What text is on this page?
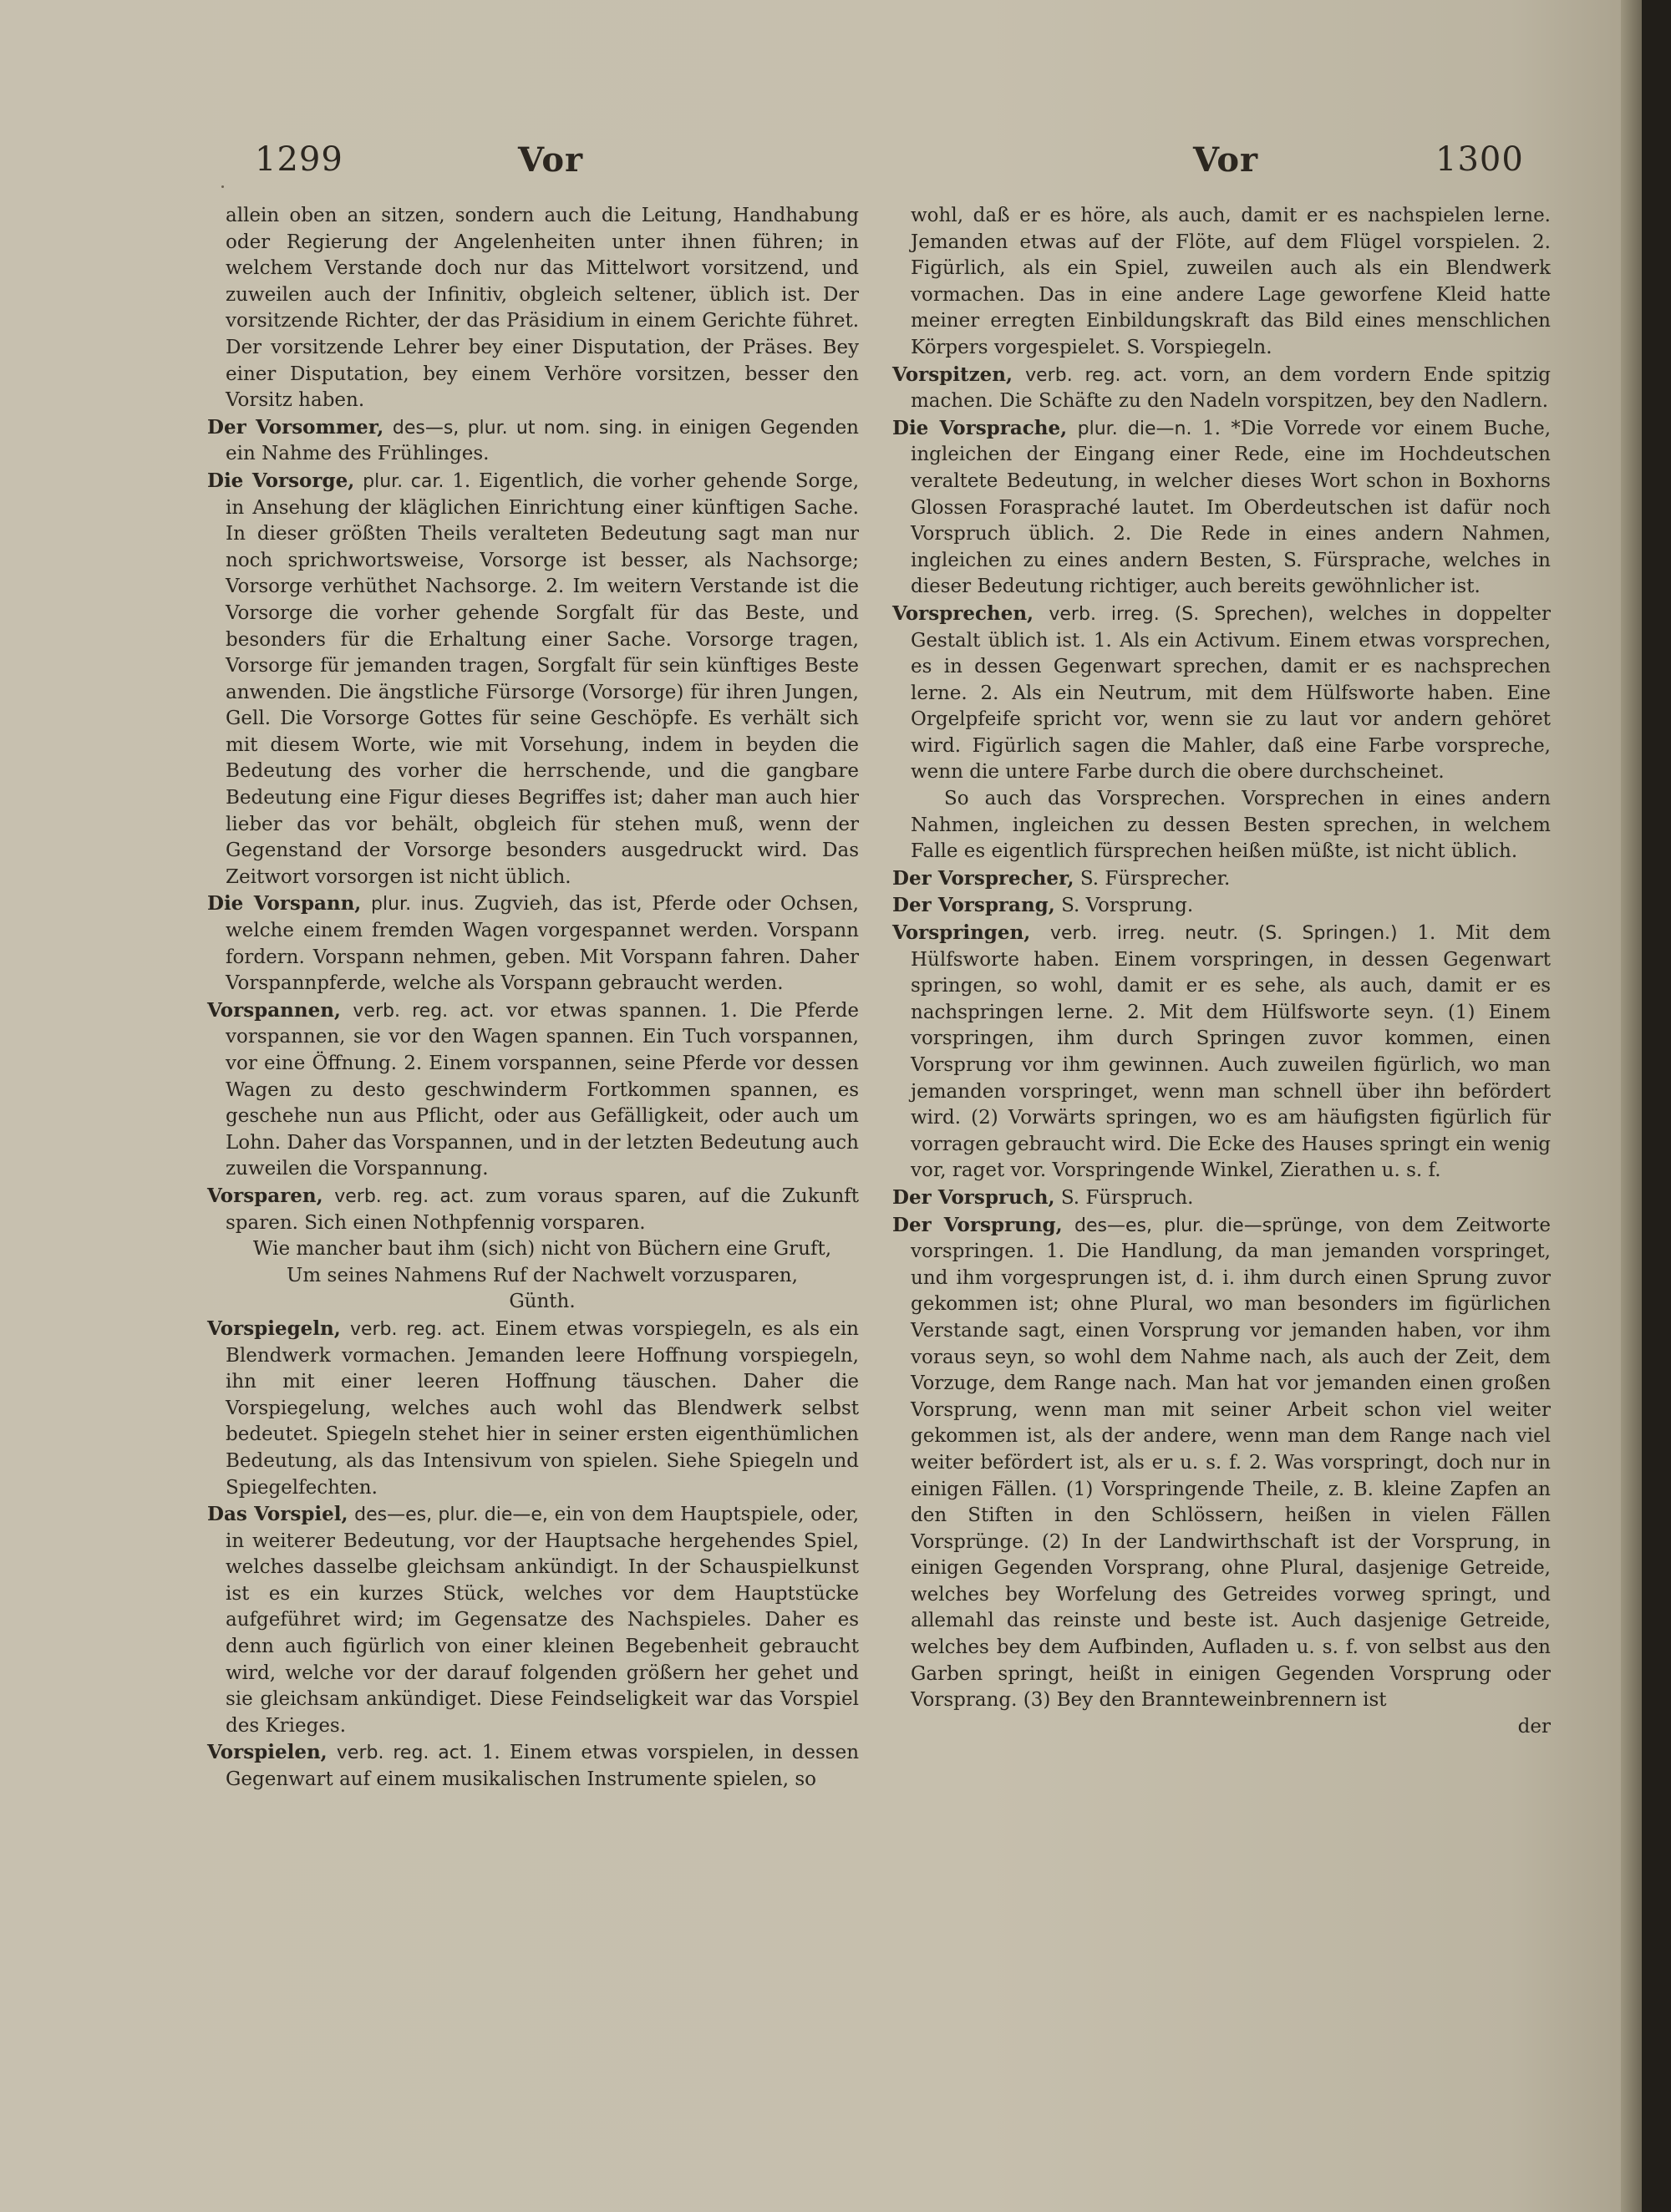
1299	Vor	Vor	1300

allein oben an sitzen, sondern auch die Leitung, Handhabung oder Regierung der Angelenheiten unter ihnen führen; in welchem Verstande doch nur das Mittelwort vorsitzend, und zuweilen auch der Infinitiv, obgleich seltener, üblich ist. Der vorsitzende Richter, der das Präsidium in einem Gerichte führet. Der vorsitzende Lehrer bey einer Disputation, der Präses. Bey einer Disputation, bey einem Verhöre vorsitzen, besser den Vorsitz haben.

Der Vorsommer, des—s, plur. ut nom. sing. in einigen Gegenden ein Nahme des Frühlinges.

Die Vorsorge, plur. car. 1. Eigentlich, die vorher gehende Sorge, in Ansehung der kläglichen Einrichtung einer künftigen Sache. In dieser größten Theils veralteten Bedeutung sagt man nur noch sprichwortsweise, Vorsorge ist besser, als Nachsorge; Vorsorge verhüthet Nachsorge. 2. Im weitern Verstande ist die Vorsorge die vorher gehende Sorgfalt für das Beste, und besonders für die Erhaltung einer Sache. Vorsorge tragen, Vorsorge für jemanden tragen, Sorgfalt für sein künftiges Beste anwenden. Die ängstliche Fürsorge (Vorsorge) für ihren Jungen, Gell. Die Vorsorge Gottes für seine Geschöpfe. Es verhält sich mit diesem Worte, wie mit Vorsehung, indem in beyden die Bedeutung des vorher die herrschende, und die gangbare Bedeutung eine Figur dieses Begriffes ist; daher man auch hier lieber das vor behält, obgleich für stehen muß, wenn der Gegenstand der Vorsorge besonders ausgedruckt wird. Das Zeitwort vorsorgen ist nicht üblich.

Die Vorspann, plur. inus. Zugvieh, das ist, Pferde oder Ochsen, welche einem fremden Wagen vorgespannet werden. Vorspann fordern. Vorspann nehmen, geben. Mit Vorspann fahren. Daher Vorspannpferde, welche als Vorspann gebraucht werden.

Vorspannen, verb. reg. act. vor etwas spannen. 1. Die Pferde vorspannen, sie vor den Wagen spannen. Ein Tuch vorspannen, vor eine Öffnung. 2. Einem vorspannen, seine Pferde vor dessen Wagen zu desto geschwinderm Fortkommen spannen, es geschehe nun aus Pflicht, oder aus Gefälligkeit, oder auch um Lohn. Daher das Vorspannen, und in der letzten Bedeutung auch zuweilen die Vorspannung.

Vorsparen, verb. reg. act. zum voraus sparen, auf die Zukunft sparen. Sich einen Nothpfennig vorsparen.

Wie mancher baut ihm (sich) nicht von Büchern eine Gruft,

Um seines Nahmens Ruf der Nachwelt vorzusparen,

Günth.

Vorspiegeln, verb. reg. act. Einem etwas vorspiegeln, es als ein Blendwerk vormachen. Jemanden leere Hoffnung vorspiegeln, ihn mit einer leeren Hoffnung täuschen. Daher die Vorspiegelung, welches auch wohl das Blendwerk selbst bedeutet. Spiegeln stehet hier in seiner ersten eigenthümlichen Bedeutung, als das Intensivum von spielen. Siehe Spiegeln und Spiegelfechten.

Das Vorspiel, des—es, plur. die—e, ein von dem Hauptspiele, oder, in weiterer Bedeutung, vor der Hauptsache hergehendes Spiel, welches dasselbe gleichsam ankündigt. In der Schauspielkunst ist es ein kurzes Stück, welches vor dem Hauptstücke aufgeführet wird; im Gegensatze des Nachspieles. Daher es denn auch figürlich von einer kleinen Begebenheit gebraucht wird, welche vor der darauf folgenden größern her gehet und sie gleichsam ankündiget. Diese Feindseligkeit war das Vorspiel des Krieges.

Vorspielen, verb. reg. act. 1. Einem etwas vorspielen, in dessen Gegenwart auf einem musikalischen Instrumente spielen, so

wohl, daß er es höre, als auch, damit er es nachspielen lerne. Jemanden etwas auf der Flöte, auf dem Flügel vorspielen. 2. Figürlich, als ein Spiel, zuweilen auch als ein Blendwerk vormachen. Das in eine andere Lage geworfene Kleid hatte meiner erregten Einbildungskraft das Bild eines menschlichen Körpers vorgespielet. S. Vorspiegeln.

Vorspitzen, verb. reg. act. vorn, an dem vordern Ende spitzig machen. Die Schäfte zu den Nadeln vorspitzen, bey den Nadlern.

Die Vorsprache, plur. die—n. 1. *Die Vorrede vor einem Buche, ingleichen der Eingang einer Rede, eine im Hochdeutschen veraltete Bedeutung, in welcher dieses Wort schon in Boxhorns Glossen Foraspraché lautet. Im Oberdeutschen ist dafür noch Vorspruch üblich. 2. Die Rede in eines andern Nahmen, ingleichen zu eines andern Besten, S. Fürsprache, welches in dieser Bedeutung richtiger, auch bereits gewöhnlicher ist.

Vorsprechen, verb. irreg. (S. Sprechen), welches in doppelter Gestalt üblich ist. 1. Als ein Activum. Einem etwas vorsprechen, es in dessen Gegenwart sprechen, damit er es nachsprechen lerne. 2. Als ein Neutrum, mit dem Hülfsworte haben. Eine Orgelpfeife spricht vor, wenn sie zu laut vor andern gehöret wird. Figürlich sagen die Mahler, daß eine Farbe vorspreche, wenn die untere Farbe durch die obere durchscheinet.

So auch das Vorsprechen. Vorsprechen in eines andern Nahmen, ingleichen zu dessen Besten sprechen, in welchem Falle es eigentlich fürsprechen heißen müßte, ist nicht üblich.

Der Vorsprecher, S. Fürsprecher.

Der Vorsprang, S. Vorsprung.

Vorspringen, verb. irreg. neutr. (S. Springen.) 1. Mit dem Hülfsworte haben. Einem vorspringen, in dessen Gegenwart springen, so wohl, damit er es sehe, als auch, damit er es nachspringen lerne. 2. Mit dem Hülfsworte seyn. (1) Einem vorspringen, ihm durch Springen zuvor kommen, einen Vorsprung vor ihm gewinnen. Auch zuweilen figürlich, wo man jemanden vorspringet, wenn man schnell über ihn befördert wird. (2) Vorwärts springen, wo es am häufigsten figürlich für vorragen gebraucht wird. Die Ecke des Hauses springt ein wenig vor, raget vor. Vorspringende Winkel, Zierathen u. s. f.

Der Vorspruch, S. Fürspruch.

Der Vorsprung, des—es, plur. die—sprünge, von dem Zeitworte vorspringen. 1. Die Handlung, da man jemanden vorspringet, und ihm vorgesprungen ist, d. i. ihm durch einen Sprung zuvor gekommen ist; ohne Plural, wo man besonders im figürlichen Verstande sagt, einen Vorsprung vor jemanden haben, vor ihm voraus seyn, so wohl dem Nahme nach, als auch der Zeit, dem Vorzuge, dem Range nach. Man hat vor jemanden einen großen Vorsprung, wenn man mit seiner Arbeit schon viel weiter gekommen ist, als der andere, wenn man dem Range nach viel weiter befördert ist, als er u. s. f. 2. Was vorspringt, doch nur in einigen Fällen. (1) Vorspringende Theile, z. B. kleine Zapfen an den Stiften in den Schlössern, heißen in vielen Fällen Vorsprünge. (2) In der Landwirthschaft ist der Vorsprung, in einigen Gegenden Vorsprang, ohne Plural, dasjenige Getreide, welches bey Worfelung des Getreides vorweg springt, und allemahl das reinste und beste ist. Auch dasjenige Getreide, welches bey dem Aufbinden, Aufladen u. s. f. von selbst aus den Garben springt, heißt in einigen Gegenden Vorsprung oder Vorsprang. (3) Bey den Brannteweinbrennern ist

der
